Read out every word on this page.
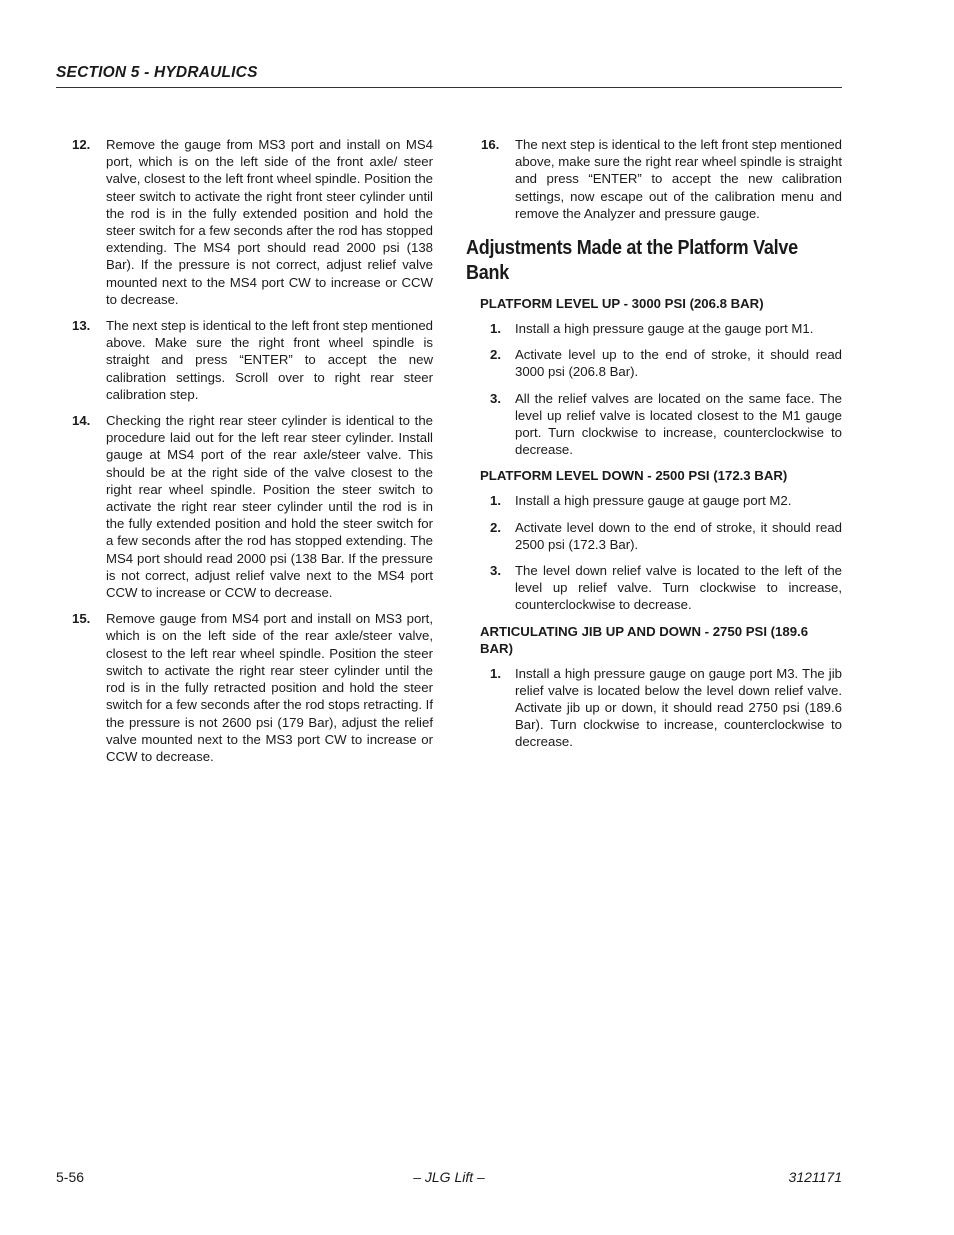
SECTION 5 - HYDRAULICS
12.	Remove the gauge from MS3 port and install on MS4 port, which is on the left side of the front axle/ steer valve, closest to the left front wheel spindle. Position the steer switch to activate the right front steer cylinder until the rod is in the fully extended position and hold the steer switch for a few seconds after the rod has stopped extending. The MS4 port should read 2000 psi (138 Bar). If the pressure is not correct, adjust relief valve mounted next to the MS4 port CW to increase or CCW to decrease.
13.	The next step is identical to the left front step mentioned above. Make sure the right front wheel spindle is straight and press “ENTER” to accept the new calibration settings. Scroll over to right rear steer calibration step.
14.	Checking the right rear steer cylinder is identical to the procedure laid out for the left rear steer cylinder. Install gauge at MS4 port of the rear axle/steer valve. This should be at the right side of the valve closest to the right rear wheel spindle. Position the steer switch to activate the right rear steer cylinder until the rod is in the fully extended position and hold the steer switch for a few seconds after the rod has stopped extending. The MS4 port should read 2000 psi (138 Bar. If the pressure is not correct, adjust relief valve next to the MS4 port CCW to increase or CCW to decrease.
15.	Remove gauge from MS4 port and install on MS3 port, which is on the left side of the rear axle/steer valve, closest to the left rear wheel spindle. Position the steer switch to activate the right rear steer cylinder until the rod is in the fully retracted position and hold the steer switch for a few seconds after the rod stops retracting. If the pressure is not 2600 psi (179 Bar), adjust the relief valve mounted next to the MS3 port CW to increase or CCW to decrease.
16.	The next step is identical to the left front step mentioned above, make sure the right rear wheel spindle is straight and press “ENTER” to accept the new calibration settings, now escape out of the calibration menu and remove the Analyzer and pressure gauge.
Adjustments Made at the Platform Valve Bank
PLATFORM LEVEL UP - 3000 PSI (206.8 BAR)
1.	Install a high pressure gauge at the gauge port M1.
2.	Activate level up to the end of stroke, it should read 3000 psi (206.8 Bar).
3.	All the relief valves are located on the same face. The level up relief valve is located closest to the M1 gauge port. Turn clockwise to increase, counterclockwise to decrease.
PLATFORM LEVEL DOWN - 2500 PSI (172.3 BAR)
1.	Install a high pressure gauge at gauge port M2.
2.	Activate level down to the end of stroke, it should read 2500 psi (172.3 Bar).
3.	The level down relief valve is located to the left of the level up relief valve. Turn clockwise to increase, counterclockwise to decrease.
ARTICULATING JIB UP AND DOWN - 2750 PSI (189.6 BAR)
1.	Install a high pressure gauge on gauge port M3. The jib relief valve is located below the level down relief valve. Activate jib up or down, it should read 2750 psi (189.6 Bar). Turn clockwise to increase, counterclockwise to decrease.
5-56	– JLG Lift –	3121171
